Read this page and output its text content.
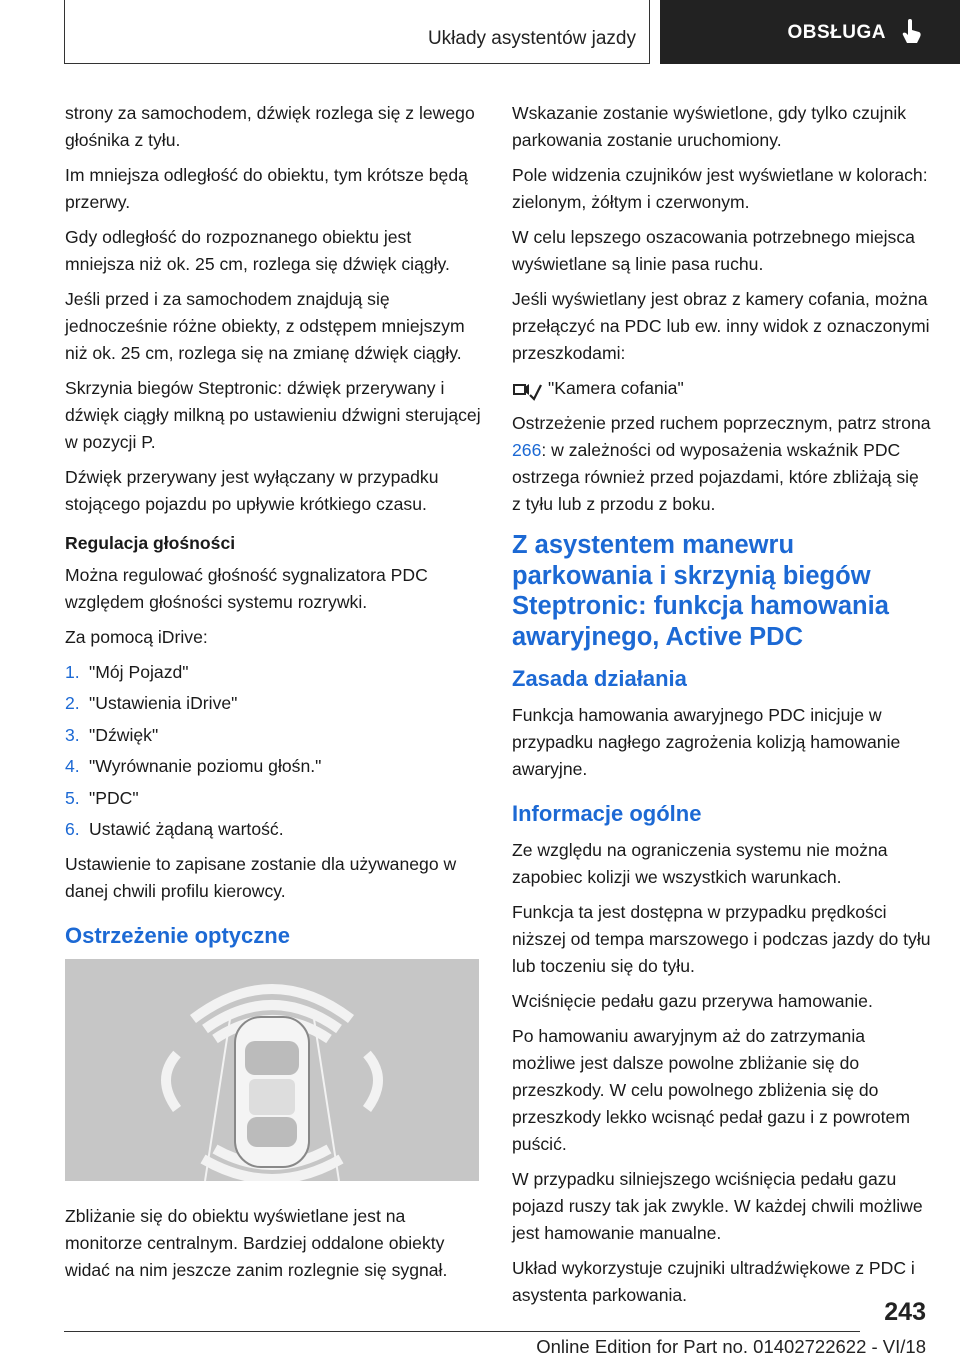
Układy asystentów jazdy	OBSŁUGA

strony za samochodem, dźwięk rozlega się z lewego głośnika z tyłu.

Im mniejsza odległość do obiektu, tym krótsze będą przerwy.

Gdy odległość do rozpoznanego obiektu jest mniejsza niż ok. 25 cm, rozlega się dźwięk ciągły.

Jeśli przed i za samochodem znajdują się jednocześnie różne obiekty, z odstępem mniejszym niż ok. 25 cm, rozlega się na zmianę dźwięk ciągły.

Skrzynia biegów Steptronic: dźwięk przerywany i dźwięk ciągły milkną po ustawieniu dźwigni sterującej w pozycji P.

Dźwięk przerywany jest wyłączany w przypadku stojącego pojazdu po upływie krótkiego czasu.

Regulacja głośności

Można regulować głośność sygnalizatora PDC względem głośności systemu rozrywki.

Za pomocą iDrive:

1. "Mój Pojazd"
2. "Ustawienia iDrive"
3. "Dźwięk"
4. "Wyrównanie poziomu głośn."
5. "PDC"
6. Ustawić żądaną wartość.

Ustawienie to zapisane zostanie dla używanego w danej chwili profilu kierowcy.

Ostrzeżenie optyczne

Zbliżanie się do obiektu wyświetlane jest na monitorze centralnym. Bardziej oddalone obiekty widać na nim jeszcze zanim rozlegnie się sygnał.

Wskazanie zostanie wyświetlone, gdy tylko czujnik parkowania zostanie uruchomiony.

Pole widzenia czujników jest wyświetlane w kolorach: zielonym, żółtym i czerwonym.

W celu lepszego oszacowania potrzebnego miejsca wyświetlane są linie pasa ruchu.

Jeśli wyświetlany jest obraz z kamery cofania, można przełączyć na PDC lub ew. inny widok z oznaczonymi przeszkodami:

"Kamera cofania"

Ostrzeżenie przed ruchem poprzecznym, patrz strona 266: w zależności od wyposażenia wskaźnik PDC ostrzega również przed pojazdami, które zbliżają się z tyłu lub z przodu z boku.

Z asystentem manewru parkowania i skrzynią biegów Steptronic: funkcja hamowania awaryjnego, Active PDC
Zasada działania

Funkcja hamowania awaryjnego PDC inicjuje w przypadku nagłego zagrożenia kolizją hamowanie awaryjne.

Informacje ogólne

Ze względu na ograniczenia systemu nie można zapobiec kolizji we wszystkich warunkach.

Funkcja ta jest dostępna w przypadku prędkości niższej od tempa marszowego i podczas jazdy do tyłu lub toczeniu się do tyłu.

Wciśnięcie pedału gazu przerywa hamowanie.

Po hamowaniu awaryjnym aż do zatrzymania możliwe jest dalsze powolne zbliżanie się do przeszkody. W celu powolnego zbliżenia się do przeszkody lekko wcisnąć pedał gazu i z powrotem puścić.

W przypadku silniejszego wciśnięcia pedału gazu pojazd ruszy tak jak zwykle. W każdej chwili możliwe jest hamowanie manualne.

Układ wykorzystuje czujniki ultradźwiękowe z PDC i asystenta parkowania.

243
Online Edition for Part no. 01402722622 - VI/18
